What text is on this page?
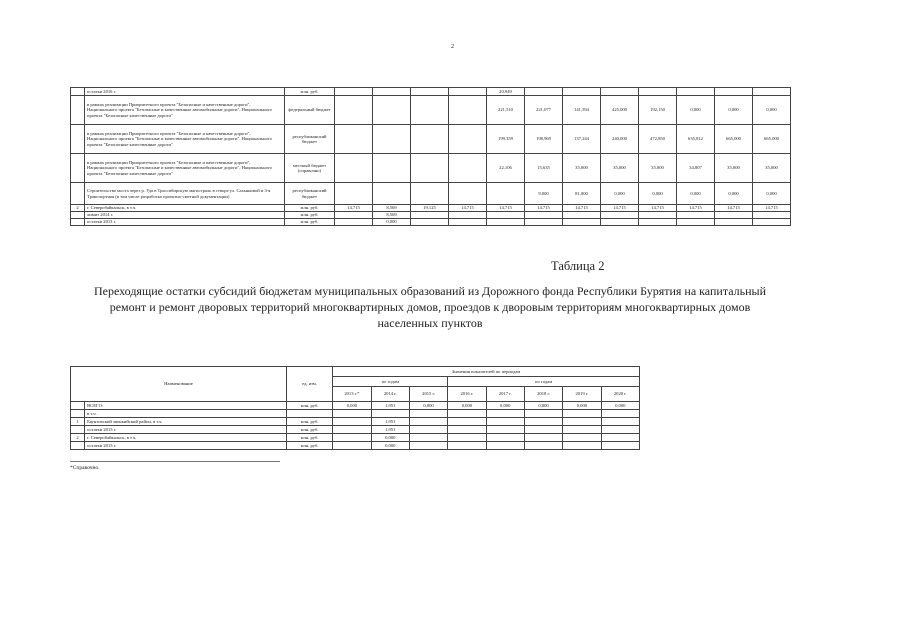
2
	остатки 2016 г.	млн. руб.					20,949							
	в рамках реализации Приоритетного проекта "Безопасные и качественные дороги", Национального проекта "Безопасные и качественные автомобильные дороги", Национального проекта "Безопасные качественные дороги"	федеральный бюджет					221,510	221,077	141,394	425,000	192,150	0,000	0,000	0,000
	в рамках реализации Приоритетного проекта "Безопасные и качественные дороги", Национального проекта "Безопасные и качественные автомобильные дороги", Национального проекта "Безопасные качественные дороги"	республиканский бюджет					199,359	198,969	137,244	240,000	472,850	635,812	665,000	665,000
	в рамках реализации Приоритетного проекта "Безопасные и качественные дороги", Национального проекта "Безопасные и качественные автомобильные дороги", Национального проекта "Безопасные качественные дороги"	местный бюджет (справочно)					22,106	15,635	35,000	35,000	35,000	34,807	35,000	35,000
	Строительство моста через р. Уда в Трассибирскую магистраль в створе ул. Сахьяновой и 3-я Транспортная (в том числе разработка проектно-сметной документации)	республиканский бюджет						9,000	81,000	0,000	0,000	0,000	0,000	0,000
2	г. Северобайкальск, в т.ч.	млн. руб.	14,715	8,569	19,125	14,715	14,715	14,715	14,715	14,715	14,715	14,715	14,715	14,715
	лимит 2014 г.	млн. руб.		8,569										
	остатки 2013 г.	млн. руб.		0,000										
Таблица 2
Переходящие остатки субсидий бюджетам муниципальных образований из Дорожного фонда Республики Бурятия на капитальный ремонт и ремонт дворовых территорий многоквартирных домов, проездов к дворовым территориям многоквартирных домов населенных пунктов
Наименование		ед. изм.	Значения показателей по периодам							
			по годам			по годам				
			2013 г.*	2014 г.	2015 г.	2016 г.	2017 г.	2018 г.	2019 г.	2020 г.
	ВСЕГО:	млн. руб.	0,000	1,951	0,000	0,000	0,000	0,000	0,000	0,000
	в т.ч.									
1	Баунтовский эвенкийский район, в т.ч.	млн. руб.		1,951						
	остатки 2013 г.	млн. руб.		1,951						
2	г. Северобайкальск, в т.ч.	млн. руб.		0,000						
	остатки 2013 г.	млн. руб.		0,000						
*Справочно.
